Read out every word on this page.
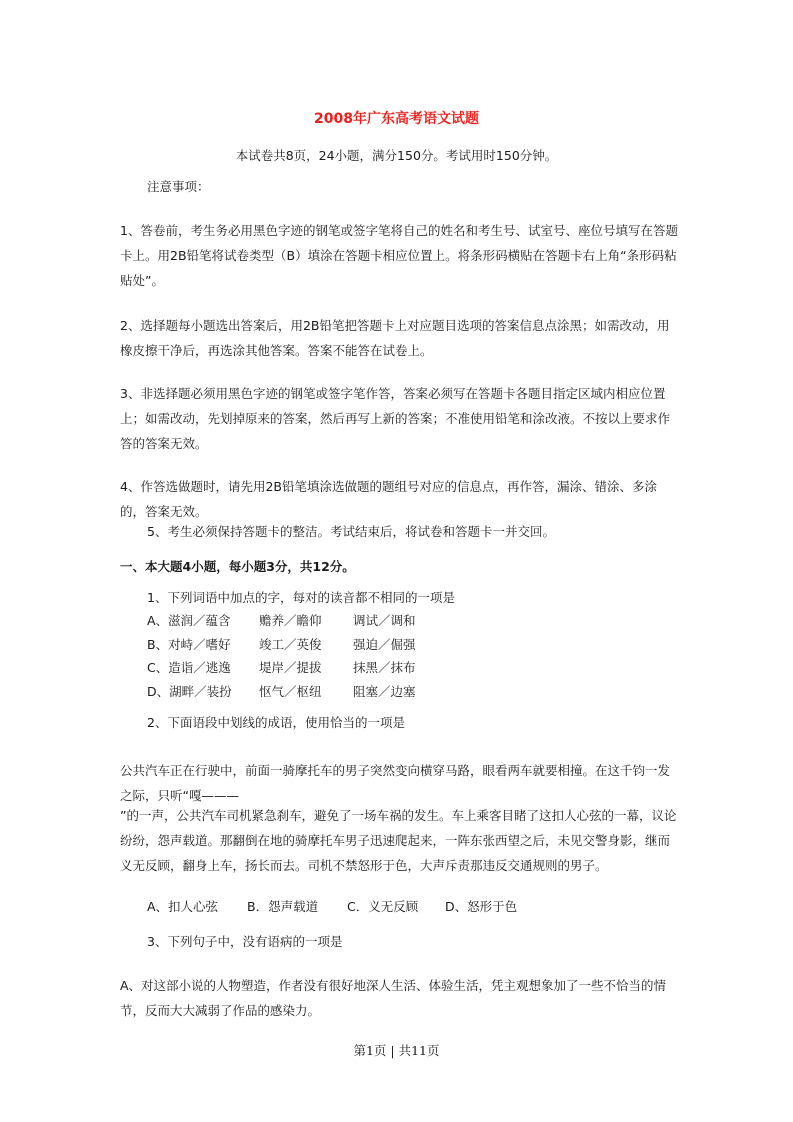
2008年广东高考语文试题
本试卷共8页，24小题，满分150分。考试用时150分钟。
注意事项：
1、答卷前，考生务必用黑色字迹的钢笔或签字笔将自己的姓名和考生号、试室号、座位号填写在答题卡上。用2B铅笔将试卷类型（B）填涂在答题卡相应位置上。将条形码横贴在答题卡右上角“条形码粘贴处”。
2、选择题每小题选出答案后，用2B铅笔把答题卡上对应题目选项的答案信息点涂黑；如需改动，用橡皮擦干净后，再选涂其他答案。答案不能答在试卷上。
3、非选择题必须用黑色字迹的钢笔或签字笔作答，答案必须写在答题卡各题目指定区域内相应位置上；如需改动，先划掉原来的答案，然后再写上新的答案；不准使用铅笔和涂改液。不按以上要求作答的答案无效。
4、作答选做题时，请先用2B铅笔填涂选做题的题组号对应的信息点，再作答，漏涂、错涂、多涂的，答案无效。
5、考生必须保持答题卡的整洁。考试结束后，将试卷和答题卡一并交回。
一、本大题4小题，每小题3分，共12分。
1、下列词语中加点的字，每对的读音都不相同的一项是
A、滋润／蕴含	赡养／瞻仰	调试／调和
B、对峙／嗜好	竣工／英俊	强迫／倔强
C、造诣／逃逸	堤岸／提拔	抹黑／抹布
D、湖畔／装扮	怄气／枢纽	阻塞／边塞
2、下面语段中划线的成语，使用恰当的一项是
公共汽车正在行驶中，前面一骑摩托车的男子突然变向横穿马路，眼看两车就要相撞。在这千钧一发之际，只听“嘎———
”的一声，公共汽车司机紧急刹车，避免了一场车祸的发生。车上乘客目睹了这扣人心弦的一幕，议论纷纷，怨声载道。那翻倒在地的骑摩托车男子迅速爬起来，一阵东张西望之后，未见交警身影，继而义无反顾，翻身上车，扬长而去。司机不禁怒形于色，大声斥责那违反交通规则的男子。
A、扣人心弦	B．怨声载道	C．义无反顾	D、怒形于色
3、下列句子中，没有语病的一项是
A、对这部小说的人物塑造，作者没有很好地深人生活、体验生活，凭主观想象加了一些不恰当的情节，反而大大减弱了作品的感染力。
第1页 | 共11页
